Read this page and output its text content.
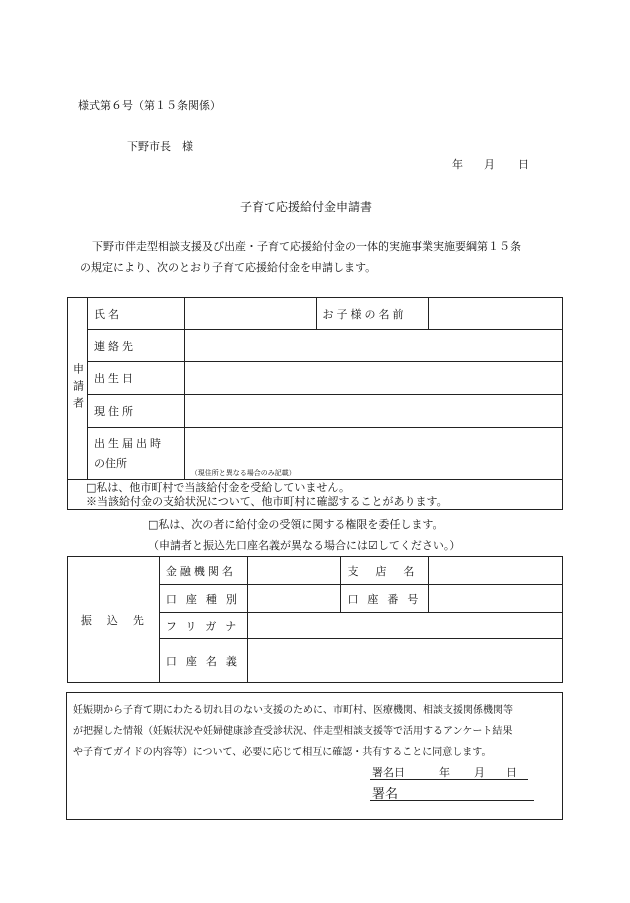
様式第６号（第１５条関係）
下野市長　様
年 月 日
子育て応援給付金申請書
下野市伴走型相談支援及び出産・子育て応援給付金の一体的実施事業実施要綱第１５条
の規定により、次のとおり子育て応援給付金を申請します。
申請者	氏名		お子様の名前	
	連絡先			
	出生日			
	現住所			

	出生届出時
の住所	（現住所と異なる場合のみ記載）		

□私は、他市町村で当該給付金を受給していません。
※当該給付金の支給状況について、他市町村に確認することがあります。				
□私は、次の者に給付金の受領に関する権限を委任します。
（申請者と振込先口座名義が異なる場合には☑してください。）
振　込　先	金融機関名		支　店　名	
	口座種別		口座番号	
	フリガナ			
	口座名義			
妊娠期から子育て期にわたる切れ目のない支援のために、市町村、医療機関、相談支援関係機関等
が把握した情報（妊娠状況や妊婦健康診査受診状況、伴走型相談支援等で活用するアンケート結果
や子育てガイドの内容等）について、必要に応じて相互に確認・共有することに同意します。
署名日	年 月 日
署名
